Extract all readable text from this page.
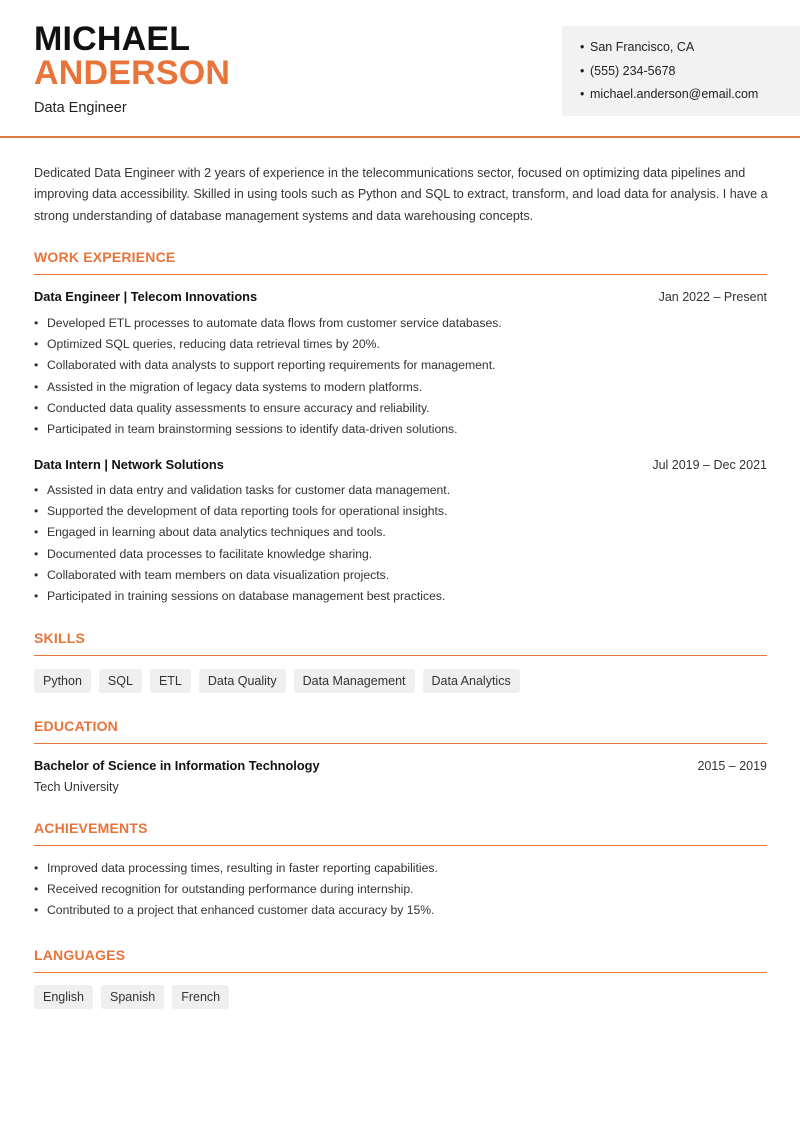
MICHAEL
ANDERSON
Data Engineer
• San Francisco, CA
• (555) 234-5678
• michael.anderson@email.com

Dedicated Data Engineer with 2 years of experience in the telecommunications sector, focused on optimizing data pipelines and improving data accessibility. Skilled in using tools such as Python and SQL to extract, transform, and load data for analysis. I have a strong understanding of database management systems and data warehousing concepts.

WORK EXPERIENCE
Data Engineer | Telecom Innovations	Jan 2022 – Present
• Developed ETL processes to automate data flows from customer service databases.
• Optimized SQL queries, reducing data retrieval times by 20%.
• Collaborated with data analysts to support reporting requirements for management.
• Assisted in the migration of legacy data systems to modern platforms.
• Conducted data quality assessments to ensure accuracy and reliability.
• Participated in team brainstorming sessions to identify data-driven solutions.
Data Intern | Network Solutions	Jul 2019 – Dec 2021
• Assisted in data entry and validation tasks for customer data management.
• Supported the development of data reporting tools for operational insights.
• Engaged in learning about data analytics techniques and tools.
• Documented data processes to facilitate knowledge sharing.
• Collaborated with team members on data visualization projects.
• Participated in training sessions on database management best practices.
SKILLS
Python	SQL	ETL	Data Quality	Data Management	Data Analytics
EDUCATION
Bachelor of Science in Information Technology	2015 – 2019
Tech University
ACHIEVEMENTS
• Improved data processing times, resulting in faster reporting capabilities.
• Received recognition for outstanding performance during internship.
• Contributed to a project that enhanced customer data accuracy by 15%.
LANGUAGES
English	Spanish	French
